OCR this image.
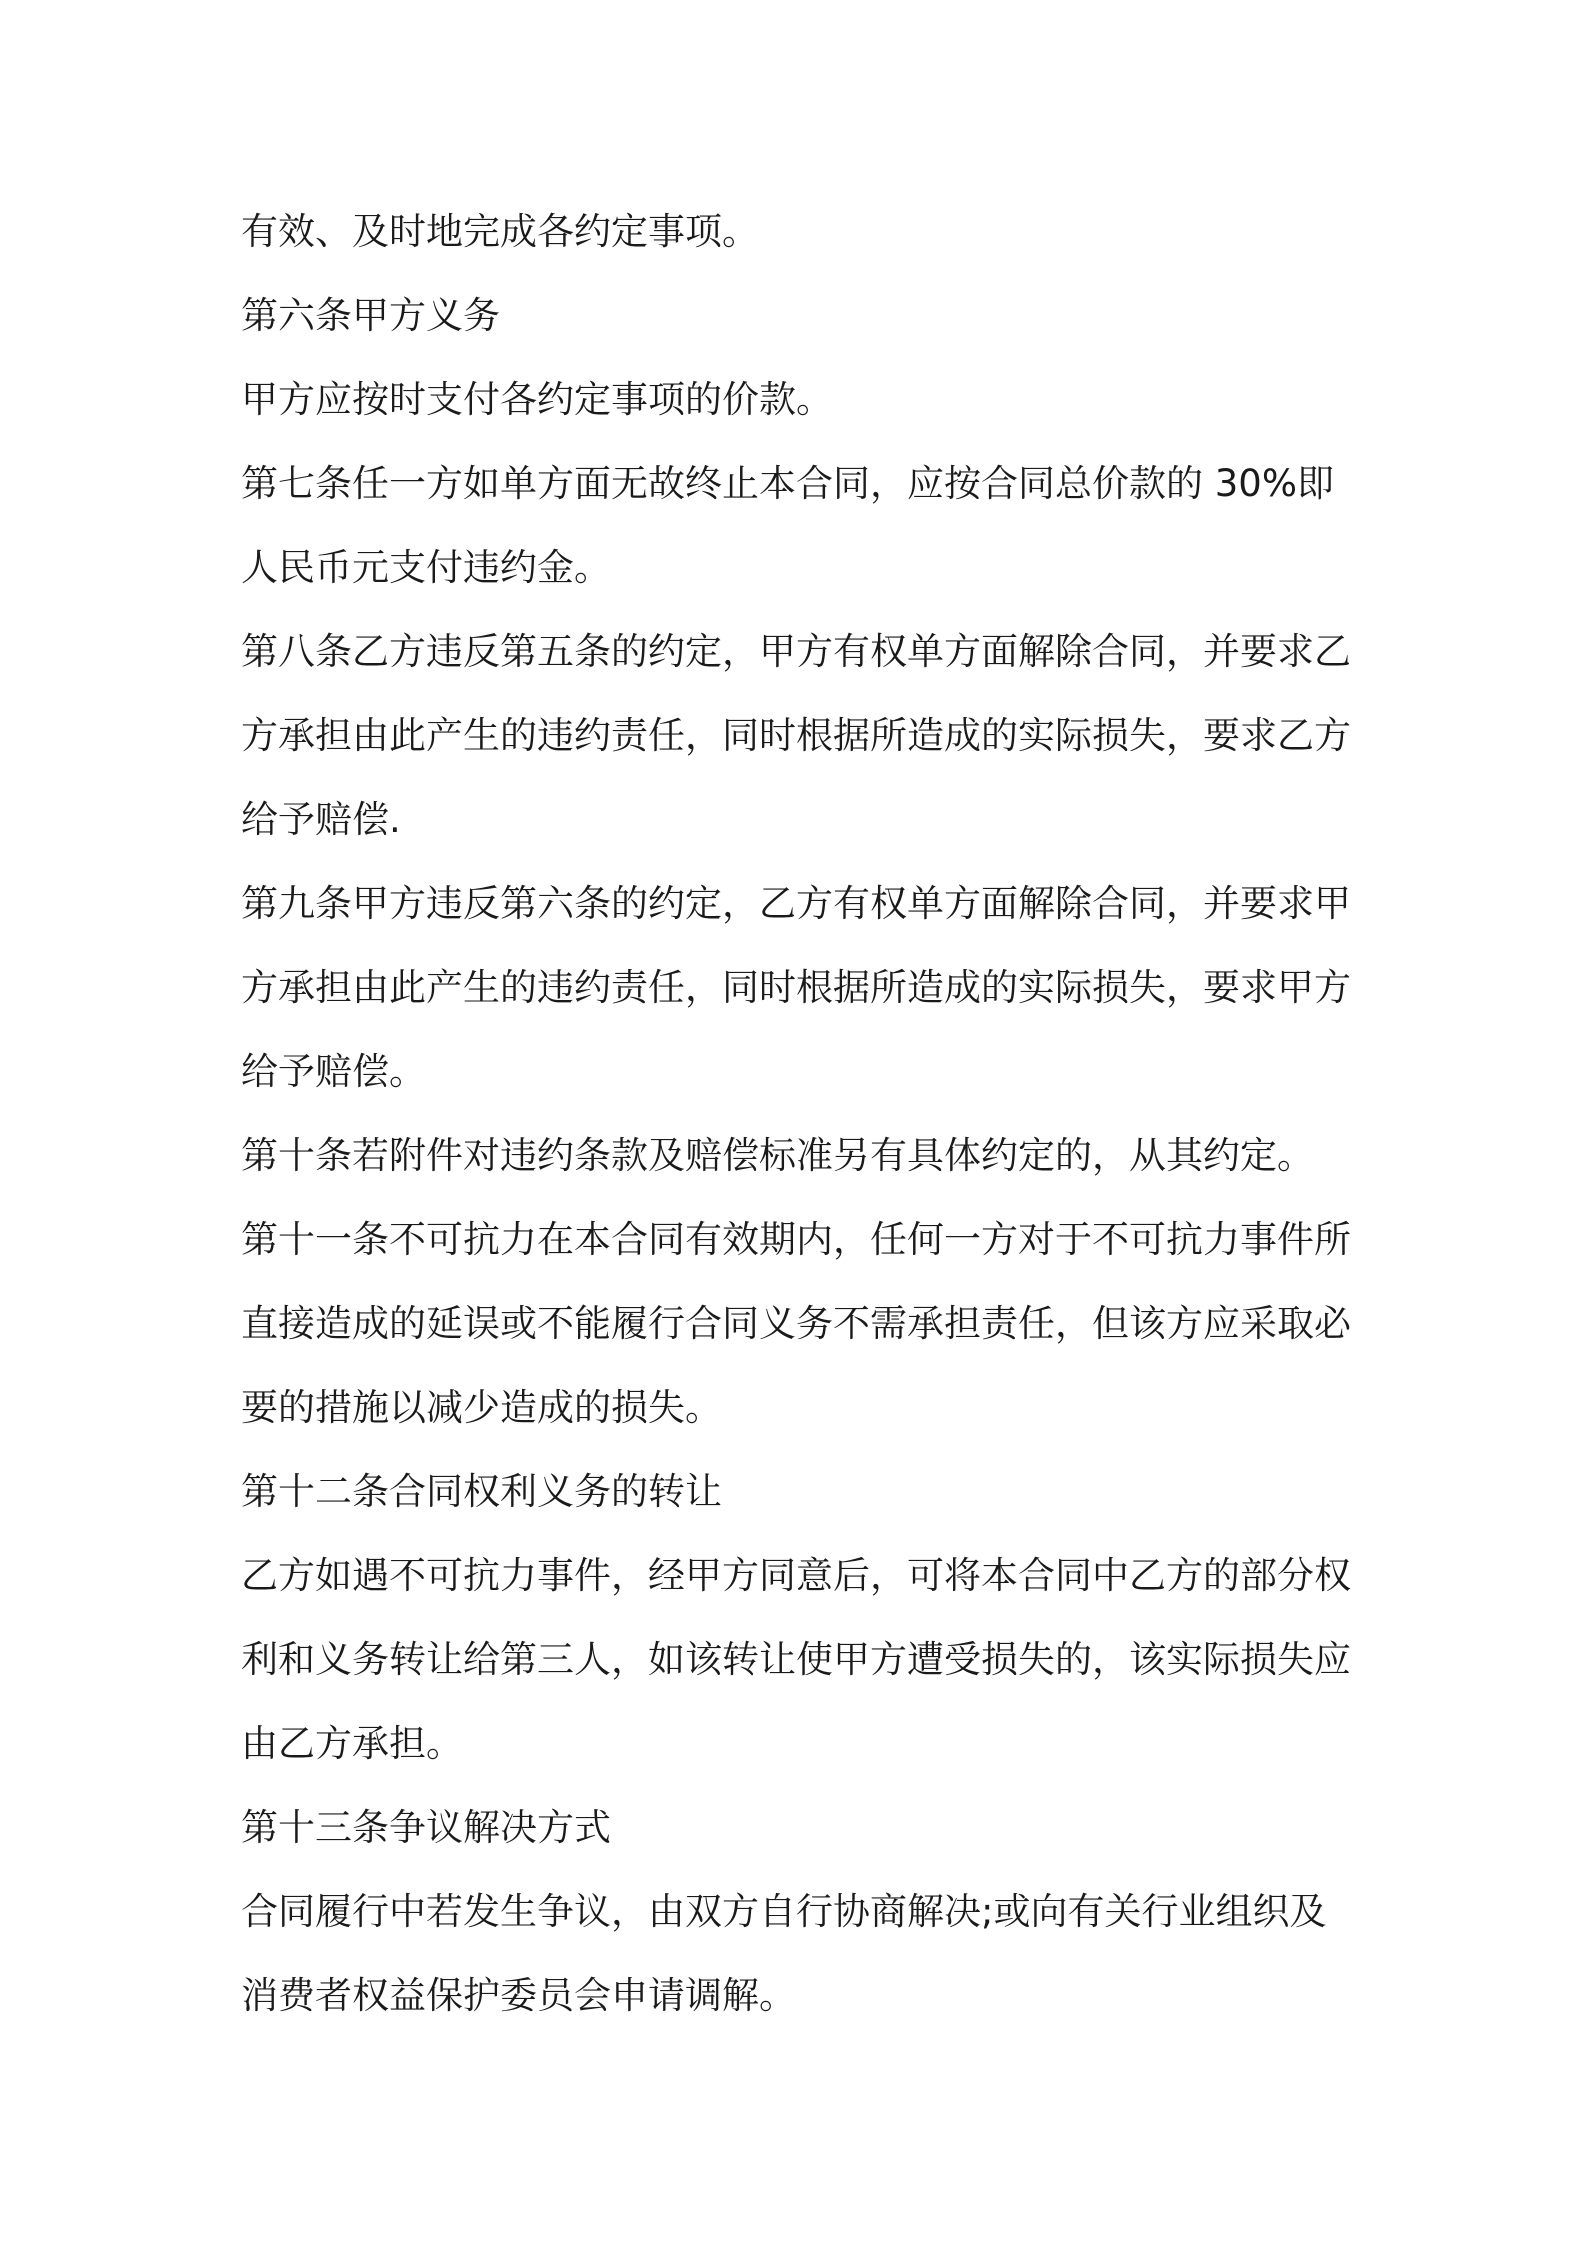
有效、及时地完成各约定事项。
第六条甲方义务
甲方应按时支付各约定事项的价款。
第七条任一方如单方面无故终止本合同，应按合同总价款的 30%即
人民币元支付违约金。
第八条乙方违反第五条的约定，甲方有权单方面解除合同，并要求乙
方承担由此产生的违约责任，同时根据所造成的实际损失，要求乙方
给予赔偿.
第九条甲方违反第六条的约定，乙方有权单方面解除合同，并要求甲
方承担由此产生的违约责任，同时根据所造成的实际损失，要求甲方
给予赔偿。
第十条若附件对违约条款及赔偿标准另有具体约定的，从其约定。
第十一条不可抗力在本合同有效期内，任何一方对于不可抗力事件所
直接造成的延误或不能履行合同义务不需承担责任，但该方应采取必
要的措施以减少造成的损失。
第十二条合同权利义务的转让
乙方如遇不可抗力事件，经甲方同意后，可将本合同中乙方的部分权
利和义务转让给第三人，如该转让使甲方遭受损失的，该实际损失应
由乙方承担。
第十三条争议解决方式
合同履行中若发生争议，由双方自行协商解决;或向有关行业组织及
消费者权益保护委员会申请调解。
